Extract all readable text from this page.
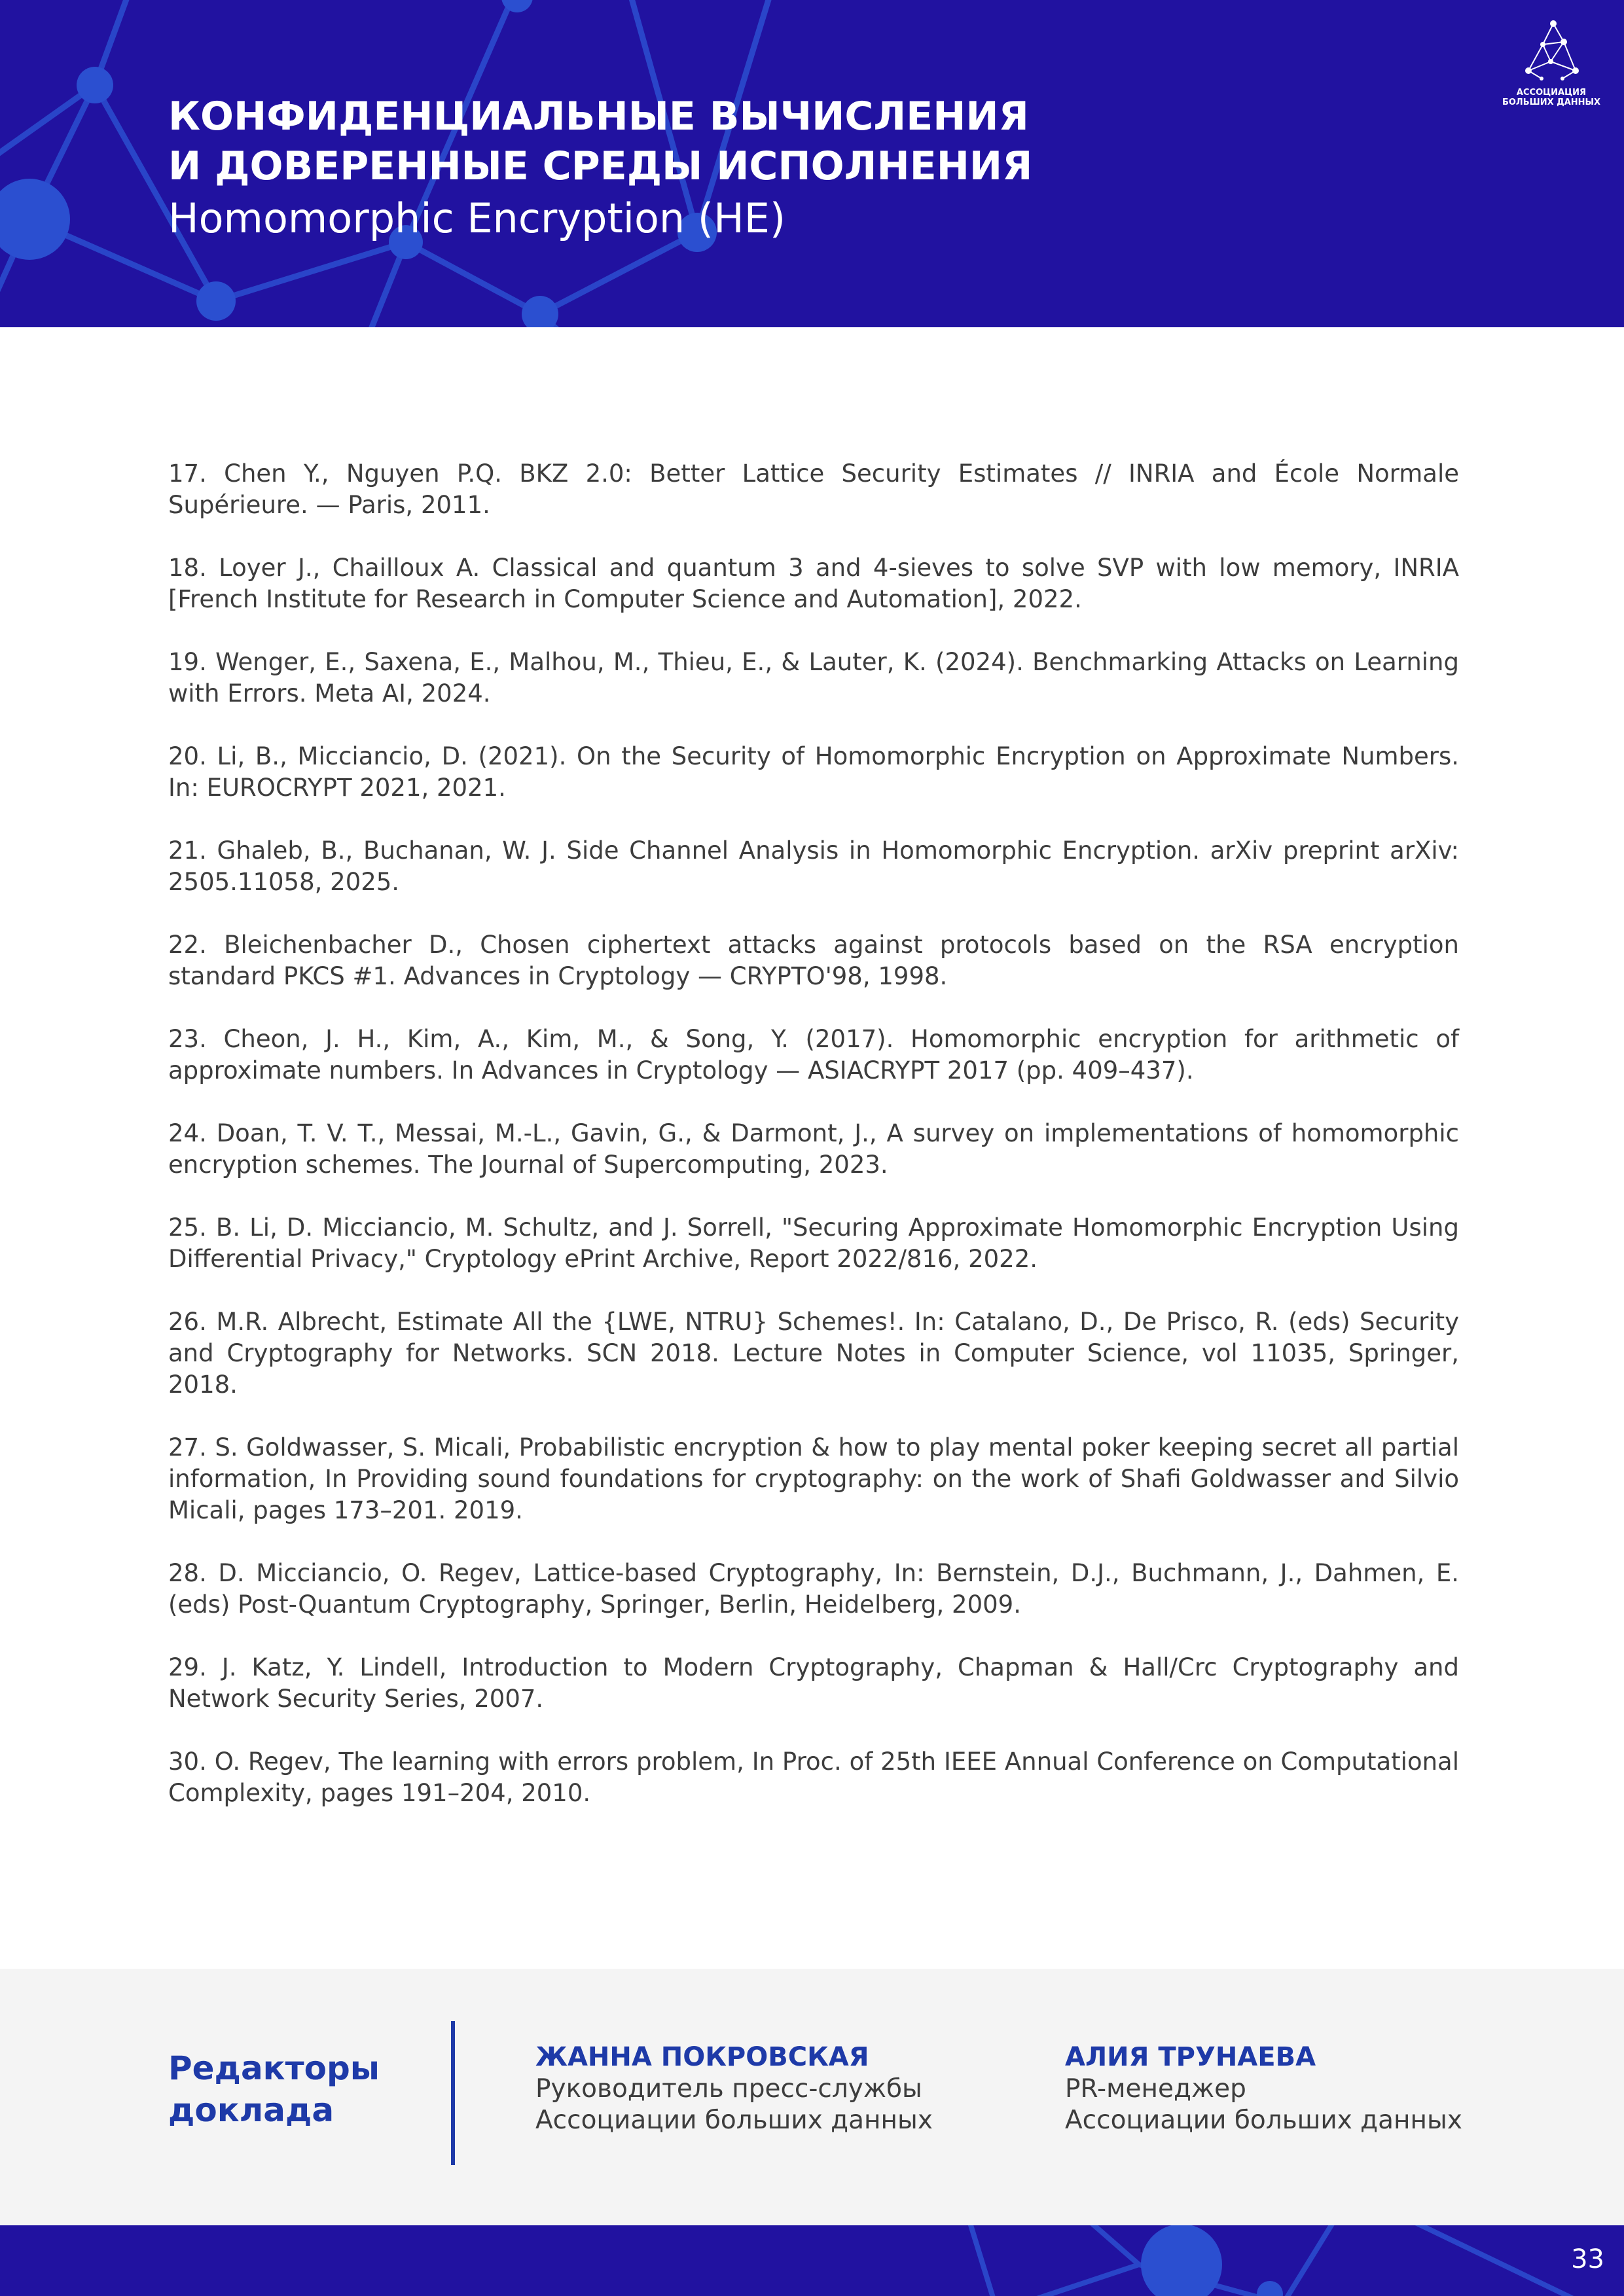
КОНФИДЕНЦИАЛЬНЫЕ ВЫЧИСЛЕНИЯ
И ДОВЕРЕННЫЕ СРЕДЫ ИСПОЛНЕНИЯ
Homomorphic Encryption (HE)
АССОЦИАЦИЯ
БОЛЬШИХ ДАННЫХ

17. Chen Y., Nguyen P.Q. BKZ 2.0: Better Lattice Security Estimates // INRIA and École Normale Supérieure. — Paris, 2011.

18. Loyer J., Chailloux A. Classical and quantum 3 and 4-sieves to solve SVP with low memory, INRIA [French Institute for Research in Computer Science and Automation], 2022.

19. Wenger, E., Saxena, E., Malhou, M., Thieu, E., & Lauter, K. (2024). Benchmarking Attacks on Learning with Errors. Meta AI, 2024.

20. Li, B., Micciancio, D. (2021). On the Security of Homomorphic Encryption on Approximate Numbers. In: EUROCRYPT 2021, 2021.

21. Ghaleb, B., Buchanan, W. J. Side Channel Analysis in Homomorphic Encryption. arXiv preprint arXiv: 2505.11058, 2025.

22. Bleichenbacher D., Chosen ciphertext attacks against protocols based on the RSA encryption standard PKCS #1. Advances in Cryptology — CRYPTO'98, 1998.

23. Cheon, J. H., Kim, A., Kim, M., & Song, Y. (2017). Homomorphic encryption for arithmetic of approximate numbers. In Advances in Cryptology — ASIACRYPT 2017 (pp. 409–437).

24. Doan, T. V. T., Messai, M.-L., Gavin, G., & Darmont, J., A survey on implementations of homomorphic encryption schemes. The Journal of Supercomputing, 2023.

25. B. Li, D. Micciancio, M. Schultz, and J. Sorrell, "Securing Approximate Homomorphic Encryption Using Differential Privacy," Cryptology ePrint Archive, Report 2022/816, 2022.

26. M.R. Albrecht, Estimate All the {LWE, NTRU} Schemes!. In: Catalano, D., De Prisco, R. (eds) Security and Cryptography for Networks. SCN 2018. Lecture Notes in Computer Science, vol 11035, Springer, 2018.

27. S. Goldwasser, S. Micali, Probabilistic encryption & how to play mental poker keeping secret all partial information, In Providing sound foundations for cryptography: on the work of Shafi Goldwasser and Silvio Micali, pages 173–201. 2019.

28. D. Micciancio, O. Regev, Lattice-based Cryptography, In: Bernstein, D.J., Buchmann, J., Dahmen, E. (eds) Post-Quantum Cryptography, Springer, Berlin, Heidelberg, 2009.

29. J. Katz, Y. Lindell, Introduction to Modern Cryptography, Chapman & Hall/Crc Cryptography and Network Security Series, 2007.

30. O. Regev, The learning with errors problem, In Proc. of 25th IEEE Annual Conference on Computational Complexity, pages 191–204, 2010.

Редакторы
доклада
ЖАННА ПОКРОВСКАЯ
Руководитель пресс-службы
Ассоциации больших данных
АЛИЯ ТРУНАЕВА
PR-менеджер
Ассоциации больших данных
33
